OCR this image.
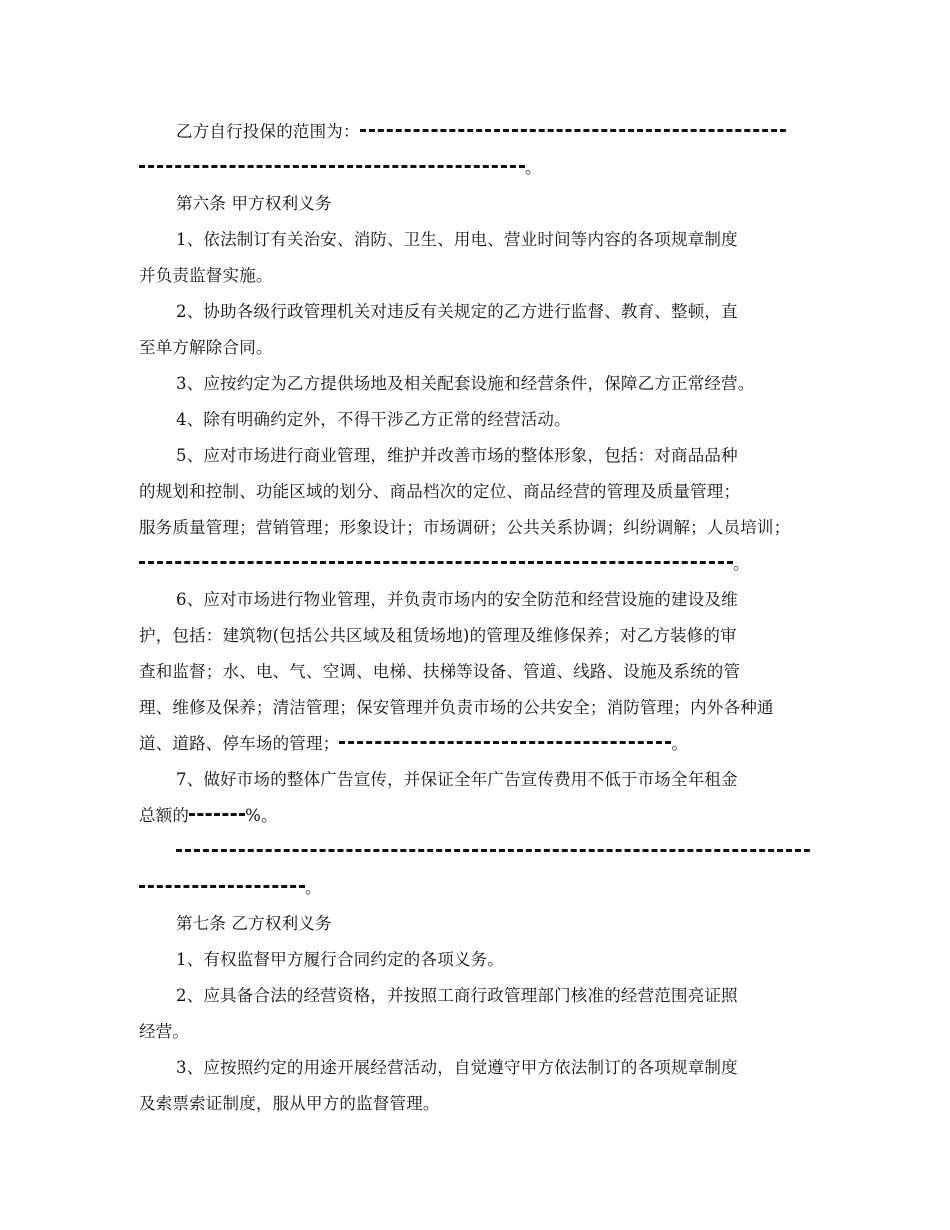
乙方自行投保的范围为：
。
第六条 甲方权利义务
1、依法制订有关治安、消防、卫生、用电、营业时间等内容的各项规章制度
并负责监督实施。
2、协助各级行政管理机关对违反有关规定的乙方进行监督、教育、整顿，直
至单方解除合同。
3、应按约定为乙方提供场地及相关配套设施和经营条件，保障乙方正常经营。
4、除有明确约定外，不得干涉乙方正常的经营活动。
5、应对市场进行商业管理，维护并改善市场的整体形象，包括：对商品品种
的规划和控制、功能区域的划分、商品档次的定位、商品经营的管理及质量管理；
服务质量管理；营销管理；形象设计；市场调研；公共关系协调；纠纷调解；人员培训；
。
6、应对市场进行物业管理，并负责市场内的安全防范和经营设施的建设及维
护，包括：建筑物(包括公共区域及租赁场地)的管理及维修保养；对乙方装修的审
查和监督；水、电、气、空调、电梯、扶梯等设备、管道、线路、设施及系统的管
理、维修及保养；清洁管理；保安管理并负责市场的公共安全；消防管理；内外各种通
道、道路、停车场的管理；	。
7、做好市场的整体广告宣传，并保证全年广告宣传费用不低于市场全年租金
总额的	%。
。
第七条 乙方权利义务
1、有权监督甲方履行合同约定的各项义务。
2、应具备合法的经营资格，并按照工商行政管理部门核准的经营范围亮证照
经营。
3、应按照约定的用途开展经营活动，自觉遵守甲方依法制订的各项规章制度
及索票索证制度，服从甲方的监督管理。
